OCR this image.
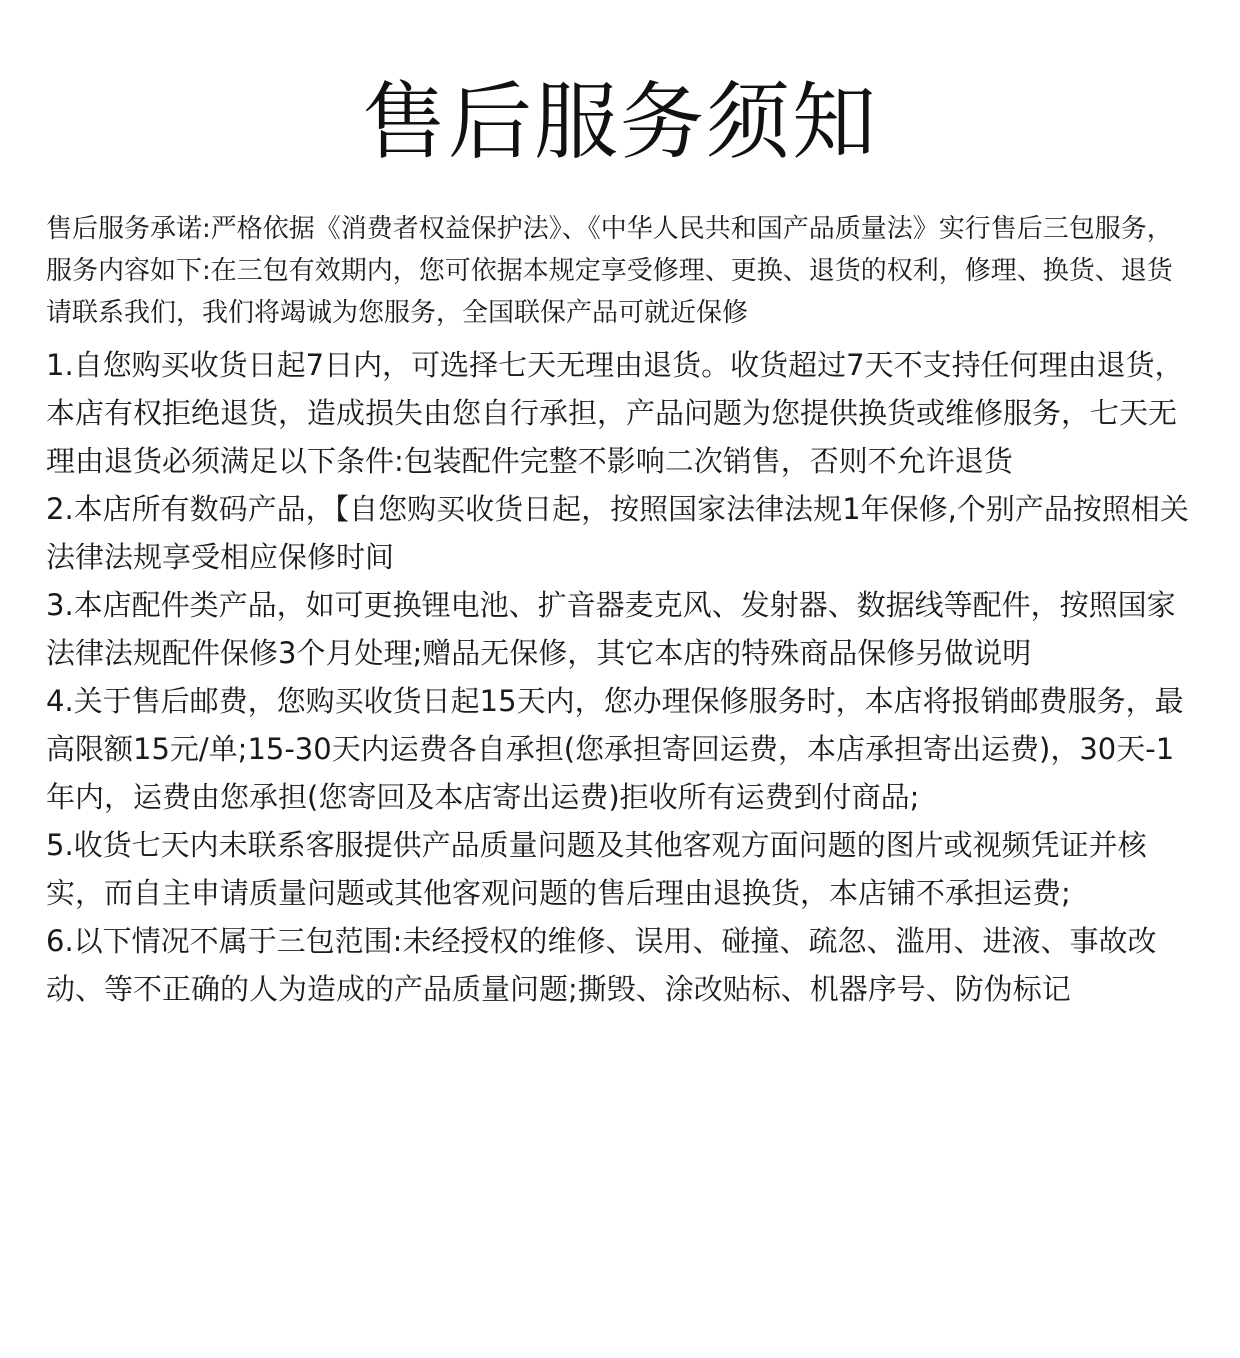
售后服务须知

售后服务承诺:严格依据《消费者权益保护法》、《中华人民共和国产品质量法》实行售后三包服务，服务内容如下:在三包有效期内，您可依据本规定享受修理、更换、退货的权利，修理、换货、退货请联系我们，我们将竭诚为您服务，全国联保产品可就近保修

1.自您购买收货日起7日内，可选择七天无理由退货。收货超过7天不支持任何理由退货，本店有权拒绝退货，造成损失由您自行承担，产品问题为您提供换货或维修服务，七天无理由退货必须满足以下条件:包装配件完整不影响二次销售，否则不允许退货
2.本店所有数码产品，【自您购买收货日起，按照国家法律法规1年保修,个别产品按照相关法律法规享受相应保修时间
3.本店配件类产品，如可更换锂电池、扩音器麦克风、发射器、数据线等配件，按照国家法律法规配件保修3个月处理;赠品无保修，其它本店的特殊商品保修另做说明
4.关于售后邮费，您购买收货日起15天内，您办理保修服务时，本店将报销邮费服务，最高限额15元/单;15-30天内运费各自承担(您承担寄回运费，本店承担寄出运费)，30天-1年内，运费由您承担(您寄回及本店寄出运费)拒收所有运费到付商品;
5.收货七天内未联系客服提供产品质量问题及其他客观方面问题的图片或视频凭证并核实，而自主申请质量问题或其他客观问题的售后理由退换货，本店铺不承担运费;
6.以下情况不属于三包范围:未经授权的维修、误用、碰撞、疏忽、滥用、进液、事故改动、等不正确的人为造成的产品质量问题;撕毁、涂改贴标、机器序号、防伪标记
